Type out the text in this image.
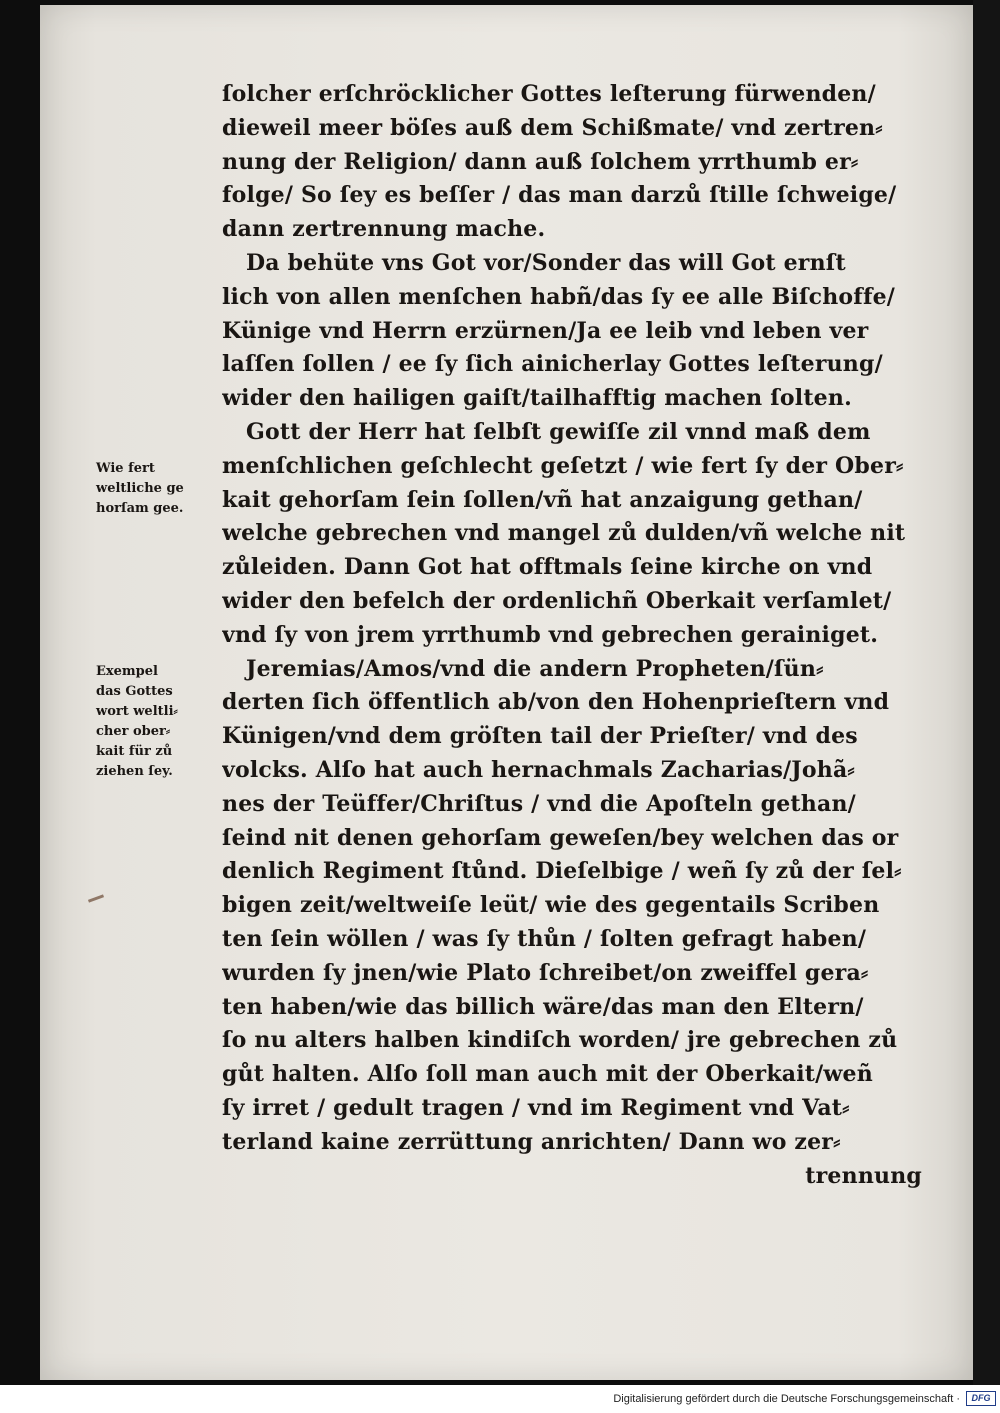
ſolcher erſchröcklicher Gottes leſterung fürwenden/
dieweil meer böſes auß dem Schißmate/ vnd zertren⸗
nung der Religion/ dann auß ſolchem yrrthumb er⸗
folge/ So ſey es beſſer / das man darzů ſtille ſchweige/
dann zertrennung mache.
Da behüte vns Got vor/Sonder das will Got ernſt
lich von allen menſchen habñ/das ſy ee alle Biſchoffe/
Künige vnd Herrn erzürnen/Ja ee leib vnd leben ver
laſſen ſollen / ee ſy ſich ainicherlay Gottes leſterung/
wider den hailigen gaiſt/tailhafftig machen ſolten.
Gott der Herr hat ſelbſt gewiſſe zil vnnd maß dem
menſchlichen geſchlecht geſetzt / wie fert ſy der Ober⸗
kait gehorſam ſein ſollen/vñ hat anzaigung gethan/
welche gebrechen vnd mangel zů dulden/vñ welche nit
zůleiden. Dann Got hat offtmals ſeine kirche on vnd
wider den befelch der ordenlichñ Oberkait verſamlet/
vnd ſy von jrem yrrthumb vnd gebrechen gerainiget.
Jeremias/Amos/vnd die andern Propheten/ſün⸗
derten ſich öffentlich ab/von den Hohenprieſtern vnd
Künigen/vnd dem gröſten tail der Prieſter/ vnd des
volcks. Alſo hat auch hernachmals Zacharias/Johã⸗
nes der Teüffer/Chriſtus / vnd die Apoſteln gethan/
ſeind nit denen gehorſam geweſen/bey welchen das or
denlich Regiment ſtůnd. Dieſelbige / weñ ſy zů der ſel⸗
bigen zeit/weltweiſe leüt/ wie des gegentails Scriben
ten ſein wöllen / was ſy thůn / ſolten gefragt haben/
wurden ſy jnen/wie Plato ſchreibet/on zweiffel gera⸗
ten haben/wie das billich wäre/das man den Eltern/
ſo nu alters halben kindiſch worden/ jre gebrechen zů
gůt halten. Alſo ſoll man auch mit der Oberkait/weñ
ſy irret / gedult tragen / vnd im Regiment vnd Vat⸗
terland kaine zerrüttung anrichten/ Dann wo zer⸗
trennung
Wie fert
weltliche ge
horſam gee.
Exempel
das Gottes
wort weltli⸗
cher ober⸗
kait für zů
ziehen ſey.
Digitalisierung gefördert durch die Deutsche Forschungsgemeinschaft ·	DFG
